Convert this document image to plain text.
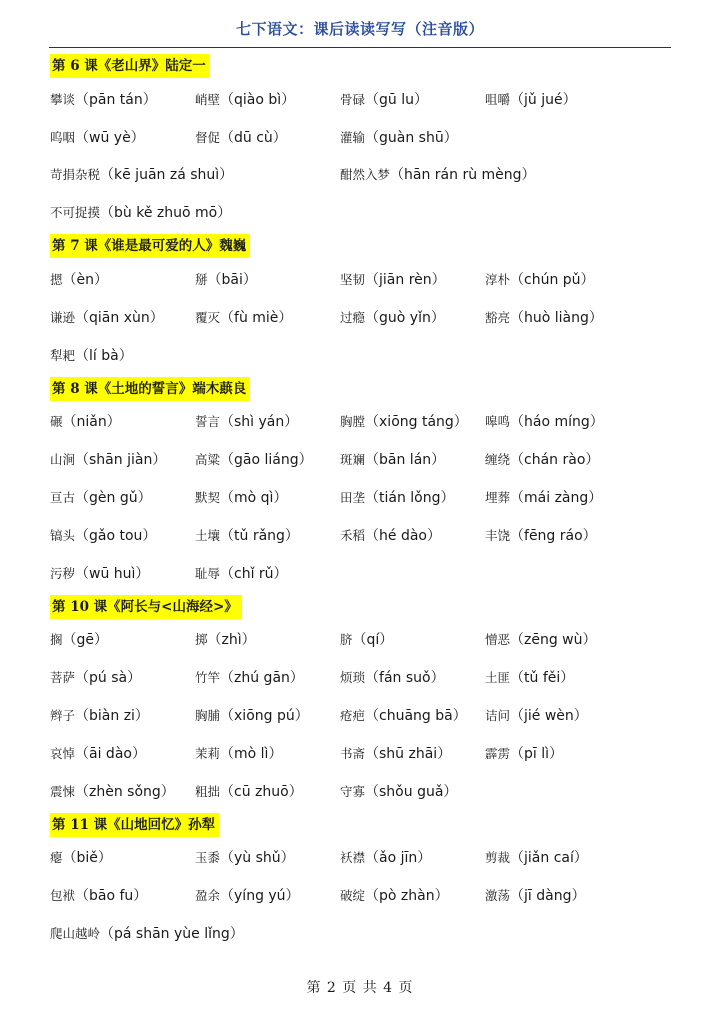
七下语文：课后读读写写（注音版）
第 6 课《老山界》陆定一
攀谈（pān tán）	峭壁（qiào bì）	骨碌（gū lu）	咀嚼（jǔ jué）
呜咽（wū yè）	督促（dū cù）	灌输（guàn shū）
苛捐杂税（kē juān zá shuì）	酣然入梦（hān rán rù mèng）
不可捉摸（bù kě zhuō mō）
第 7 课《谁是最可爱的人》魏巍
摁（èn）	掰（bāi）	坚韧（jiān rèn）	淳朴（chún pǔ）
谦逊（qiān xùn）	覆灭（fù miè）	过瘾（guò yǐn）	豁亮（huò liàng）
犁耙（lí bà）
第 8 课《土地的誓言》端木蕻良
碾（niǎn）	誓言（shì yán）	胸膛（xiōng táng）	嗥鸣（háo míng）
山涧（shān jiàn）	高粱（gāo liáng）	斑斓（bān lán）	缠绕（chán rào）
亘古（gèn gǔ）	默契（mò qì）	田垄（tián lǒng）	埋葬（mái zàng）
镐头（gǎo tou）	土壤（tǔ rǎng）	禾稻（hé dào）	丰饶（fēng ráo）
污秽（wū huì）	耻辱（chǐ rǔ）
第 10 课《阿长与<山海经>》
搁（gē）	掷（zhì）	脐（qí）	憎恶（zēng wù）
菩萨（pú sà）	竹竿（zhú gān）	烦琐（fán suǒ）	土匪（tǔ fěi）
辫子（biàn zi）	胸脯（xiōng pú）	疮疤（chuāng bā）	诘问（jié wèn）
哀悼（āi dào）	茉莉（mò lì）	书斋（shū zhāi）	霹雳（pī lì）
震悚（zhèn sǒng）	粗拙（cū zhuō）	守寡（shǒu guǎ）
第 11 课《山地回忆》孙犁
瘪（biě）	玉黍（yù shǔ）	袄襟（ǎo jīn）	剪裁（jiǎn caí）
包袱（bāo fu）	盈余（yíng yú）	破绽（pò zhàn）	激荡（jī dàng）
爬山越岭（pá shān yùe lǐng）
第 2 页 共 4 页
